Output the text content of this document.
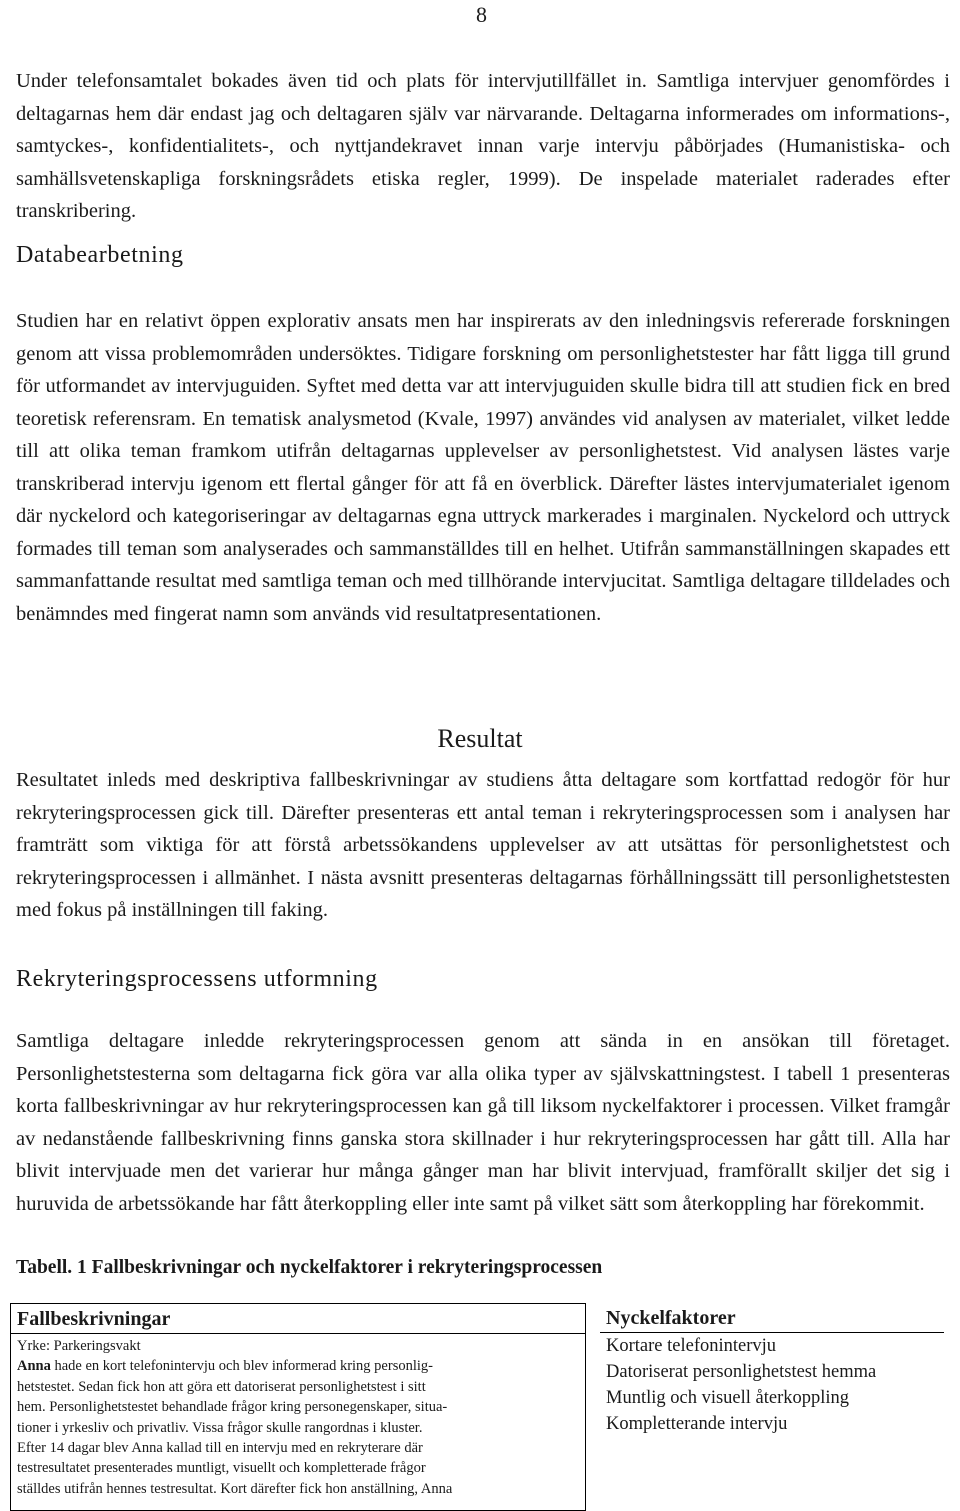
8

Under telefonsamtalet bokades även tid och plats för intervjutillfället in. Samtliga intervjuer genomfördes i deltagarnas hem där endast jag och deltagaren själv var närvarande. Deltagarna informerades om informations-, samtyckes-, konfidentialitets-, och nyttjandekravet innan varje intervju påbörjades (Humanistiska- och samhällsvetenskapliga forskningsrådets etiska regler, 1999). De inspelade materialet raderades efter transkribering.

Databearbetning

Studien har en relativt öppen explorativ ansats men har inspirerats av den inledningsvis refererade forskningen genom att vissa problemområden undersöktes. Tidigare forskning om personlighetstester har fått ligga till grund för utformandet av intervjuguiden. Syftet med detta var att intervjuguiden skulle bidra till att studien fick en bred teoretisk referensram. En tematisk analysmetod (Kvale, 1997) användes vid analysen av materialet, vilket ledde till att olika teman framkom utifrån deltagarnas upplevelser av personlighetstest. Vid analysen lästes varje transkriberad intervju igenom ett flertal gånger för att få en överblick. Därefter lästes intervjumaterialet igenom där nyckelord och kategoriseringar av deltagarnas egna uttryck markerades i marginalen. Nyckelord och uttryck formades till teman som analyserades och sammanställdes till en helhet. Utifrån sammanställningen skapades ett sammanfattande resultat med samtliga teman och med tillhörande intervjucitat. Samtliga deltagare tilldelades och benämndes med fingerat namn som används vid resultatpresentationen.

Resultat

Resultatet inleds med deskriptiva fallbeskrivningar av studiens åtta deltagare som kortfattad redogör för hur rekryteringsprocessen gick till. Därefter presenteras ett antal teman i rekryteringsprocessen som i analysen har framträtt som viktiga för att förstå arbetssökandens upplevelser av att utsättas för personlighetstest och rekryteringsprocessen i allmänhet. I nästa avsnitt presenteras deltagarnas förhållningssätt till personlighetstesten med fokus på inställningen till faking.

Rekryteringsprocessens utformning

Samtliga deltagare inledde rekryteringsprocessen genom att sända in en ansökan till företaget. Personlighetstesterna som deltagarna fick göra var alla olika typer av självskattningstest. I tabell 1 presenteras korta fallbeskrivningar av hur rekryteringsprocessen kan gå till liksom nyckelfaktorer i processen. Vilket framgår av nedanstående fallbeskrivning finns ganska stora skillnader i hur rekryteringsprocessen har gått till. Alla har blivit intervjuade men det varierar hur många gånger man har blivit intervjuad, framförallt skiljer det sig i huruvida de arbetssökande har fått återkoppling eller inte samt på vilket sätt som återkoppling har förekommit.

Tabell. 1 Fallbeskrivningar och nyckelfaktorer i rekryteringsprocessen

Fallbeskrivningar
Yrke: Parkeringsvakt
Anna hade en kort telefonintervju och blev informerad kring personlig-
hetstestet. Sedan fick hon att göra ett datoriserat personlighetstest i sitt
hem. Personlighetstestet behandlade frågor kring personegenskaper, situa-
tioner i yrkesliv och privatliv. Vissa frågor skulle rangordnas i kluster.
Efter 14 dagar blev Anna kallad till en intervju med en rekryterare där
testresultatet presenterades muntligt, visuellt och kompletterade frågor
ställdes utifrån hennes testresultat. Kort därefter fick hon anställning, Anna
Nyckelfaktorer
Kortare telefonintervju
Datoriserat personlighetstest hemma
Muntlig och visuell återkoppling
Kompletterande intervju
